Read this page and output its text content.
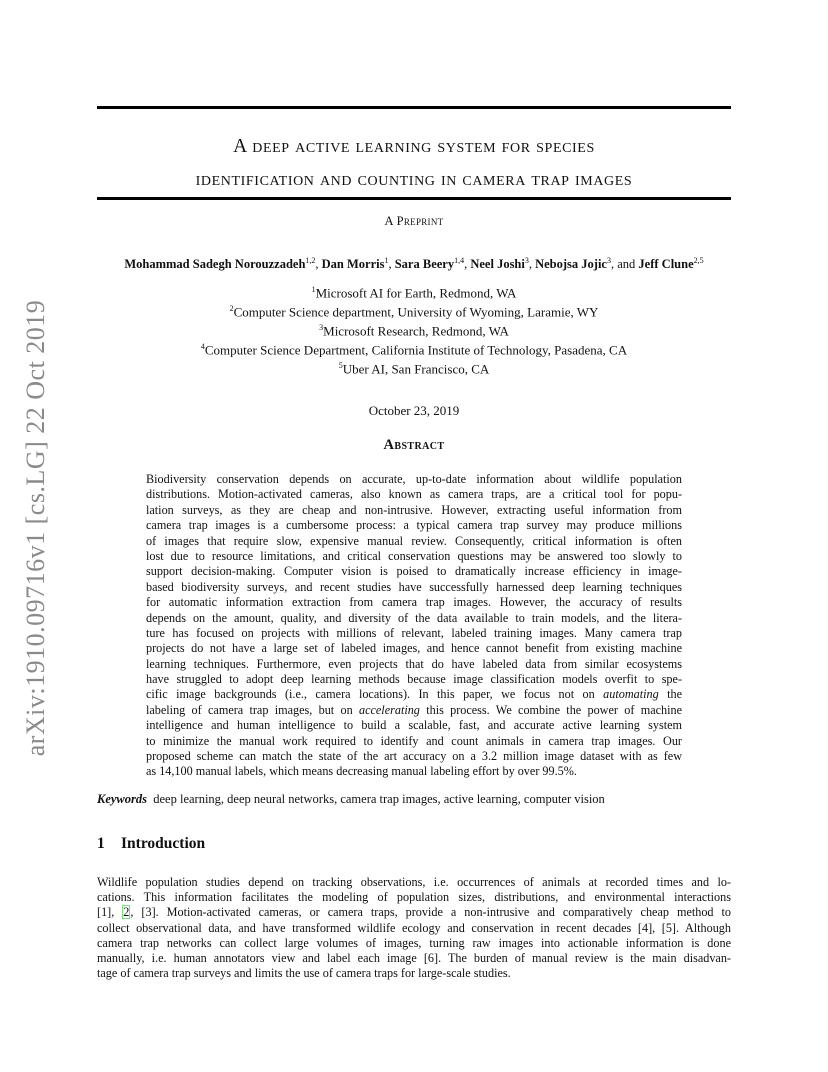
arXiv:1910.09716v1 [cs.LG] 22 Oct 2019
A deep active learning system for species
identification and counting in camera trap images
A Preprint
Mohammad Sadegh Norouzzadeh$^{1,2}$, Dan Morris$^1$, Sara Beery$^{1,4}$, Neel Joshi$^3$, Nebojsa Jojic$^3$, and Jeff Clune$^{2,5}$
$^1$Microsoft AI for Earth, Redmond, WA
$^2$Computer Science department, University of Wyoming, Laramie, WY
$^3$Microsoft Research, Redmond, WA
$^4$Computer Science Department, California Institute of Technology, Pasadena, CA
$^5$Uber AI, San Francisco, CA
October 23, 2019
Abstract
Biodiversity conservation depends on accurate, up-to-date information about wildlife population
distributions. Motion-activated cameras, also known as camera traps, are a critical tool for popu-
lation surveys, as they are cheap and non-intrusive. However, extracting useful information from
camera trap images is a cumbersome process: a typical camera trap survey may produce millions
of images that require slow, expensive manual review. Consequently, critical information is often
lost due to resource limitations, and critical conservation questions may be answered too slowly to
support decision-making. Computer vision is poised to dramatically increase efficiency in image-
based biodiversity surveys, and recent studies have successfully harnessed deep learning techniques
for automatic information extraction from camera trap images. However, the accuracy of results
depends on the amount, quality, and diversity of the data available to train models, and the litera-
ture has focused on projects with millions of relevant, labeled training images. Many camera trap
projects do not have a large set of labeled images, and hence cannot benefit from existing machine
learning techniques. Furthermore, even projects that do have labeled data from similar ecosystems
have struggled to adopt deep learning methods because image classification models overfit to spe-
cific image backgrounds (i.e., camera locations). In this paper, we focus not on automating the
labeling of camera trap images, but on accelerating this process. We combine the power of machine
intelligence and human intelligence to build a scalable, fast, and accurate active learning system
to minimize the manual work required to identify and count animals in camera trap images. Our
proposed scheme can match the state of the art accuracy on a 3.2 million image dataset with as few
as 14,100 manual labels, which means decreasing manual labeling effort by over 99.5%.
Keywords deep learning, deep neural networks, camera trap images, active learning, computer vision
1 Introduction
Wildlife population studies depend on tracking observations, i.e. occurrences of animals at recorded times and lo-
cations. This information facilitates the modeling of population sizes, distributions, and environmental interactions
[1], 2, [3]. Motion-activated cameras, or camera traps, provide a non-intrusive and comparatively cheap method to
collect observational data, and have transformed wildlife ecology and conservation in recent decades [4], [5]. Although
camera trap networks can collect large volumes of images, turning raw images into actionable information is done
manually, i.e. human annotators view and label each image [6]. The burden of manual review is the main disadvan-
tage of camera trap surveys and limits the use of camera traps for large-scale studies.
